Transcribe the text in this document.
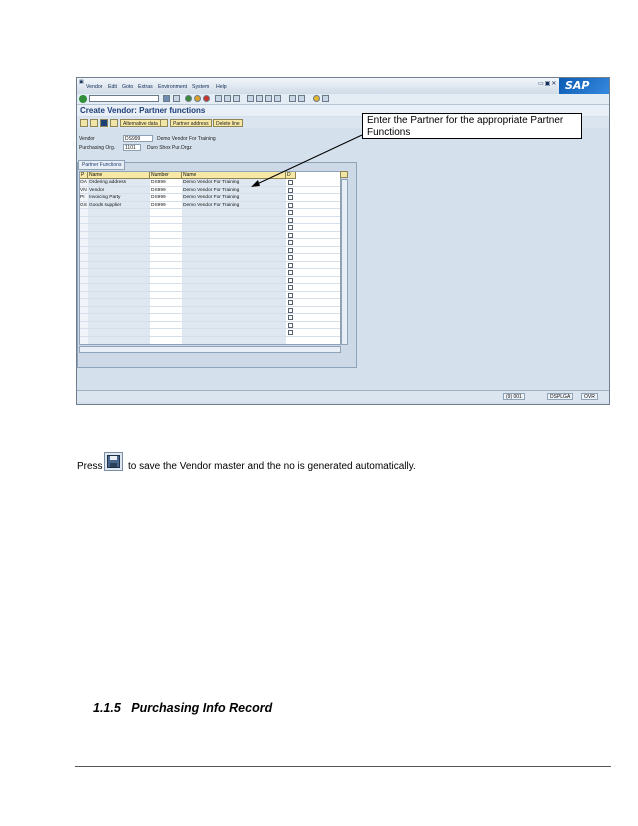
▣
Vendor Edit Goto Extras Environment System Help	▭▣✕ SAP
Create Vendor: Partner functions
Alternative data	Partner address	Delete line
Vendor	DS999	Demo Vendor For Training
Purchasing Org.	1101	Duro Shox Pur.Orgz
Partner Functions
P Name	Number	Name	D
OA Ordering address	DS999	Demo Vendor For Training
VN Vendor	DS999	Demo Vendor For Training
PI Invoicing Party	DS999	Demo Vendor For Training
GS Goods supplier	DS999	Demo Vendor For Training
(9) 001	DSPLGA	OVR
Enter the Partner for the appropriate Partner Functions
Press	to save the Vendor master and the no is generated automatically.
1.1.5 Purchasing Info Record
